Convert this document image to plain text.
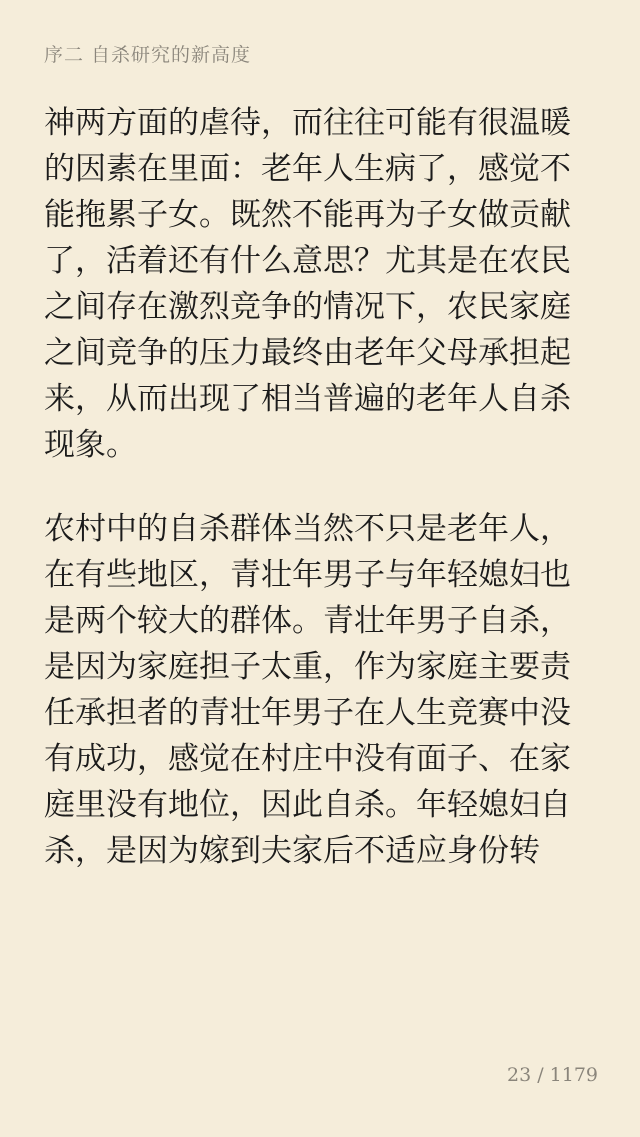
序二 自杀研究的新高度

神两方面的虐待，而往往可能有很温暖
的因素在里面：老年人生病了，感觉不
能拖累子女。既然不能再为子女做贡献
了，活着还有什么意思？尤其是在农民
之间存在激烈竞争的情况下，农民家庭
之间竞争的压力最终由老年父母承担起
来，从而出现了相当普遍的老年人自杀
现象。

农村中的自杀群体当然不只是老年人，
在有些地区，青壮年男子与年轻媳妇也
是两个较大的群体。青壮年男子自杀，
是因为家庭担子太重，作为家庭主要责
任承担者的青壮年男子在人生竞赛中没
有成功，感觉在村庄中没有面子、在家
庭里没有地位，因此自杀。年轻媳妇自
杀，是因为嫁到夫家后不适应身份转

23 / 1179
